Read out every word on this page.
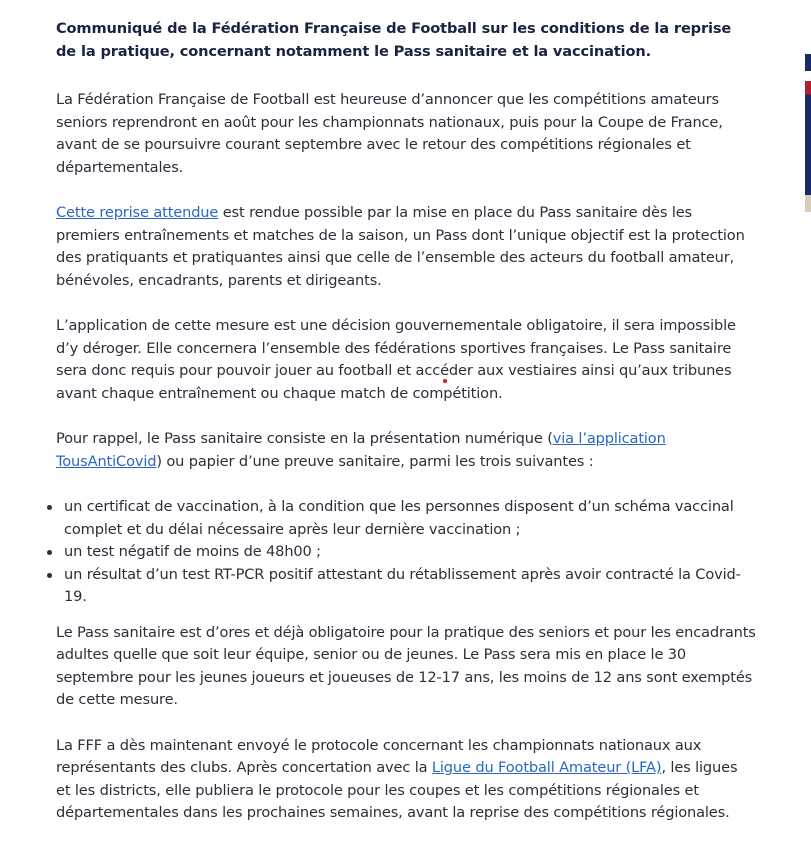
Communiqué de la Fédération Française de Football sur les conditions de la reprise de la pratique, concernant notamment le Pass sanitaire et la vaccination.

La Fédération Française de Football est heureuse d’annoncer que les compétitions amateurs seniors reprendront en août pour les championnats nationaux, puis pour la Coupe de France, avant de se poursuivre courant septembre avec le retour des compétitions régionales et départementales.

Cette reprise attendue est rendue possible par la mise en place du Pass sanitaire dès les premiers entraînements et matches de la saison, un Pass dont l’unique objectif est la protection des pratiquants et pratiquantes ainsi que celle de l’ensemble des acteurs du football amateur, bénévoles, encadrants, parents et dirigeants.

L’application de cette mesure est une décision gouvernementale obligatoire, il sera impossible d’y déroger. Elle concernera l’ensemble des fédérations sportives françaises. Le Pass sanitaire sera donc requis pour pouvoir jouer au football et accéder aux vestiaires ainsi qu’aux tribunes avant chaque entraînement ou chaque match de compétition.

Pour rappel, le Pass sanitaire consiste en la présentation numérique (via l’application TousAntiCovid) ou papier d’une preuve sanitaire, parmi les trois suivantes :

un certificat de vaccination, à la condition que les personnes disposent d’un schéma vaccinal complet et du délai nécessaire après leur dernière vaccination ;
un test négatif de moins de 48h00 ;
un résultat d’un test RT-PCR positif attestant du rétablissement après avoir contracté la Covid-19.

Le Pass sanitaire est d’ores et déjà obligatoire pour la pratique des seniors et pour les encadrants adultes quelle que soit leur équipe, senior ou de jeunes. Le Pass sera mis en place le 30 septembre pour les jeunes joueurs et joueuses de 12-17 ans, les moins de 12 ans sont exemptés de cette mesure.

La FFF a dès maintenant envoyé le protocole concernant les championnats nationaux aux représentants des clubs. Après concertation avec la Ligue du Football Amateur (LFA), les ligues et les districts, elle publiera le protocole pour les coupes et les compétitions régionales et départementales dans les prochaines semaines, avant la reprise des compétitions régionales.
